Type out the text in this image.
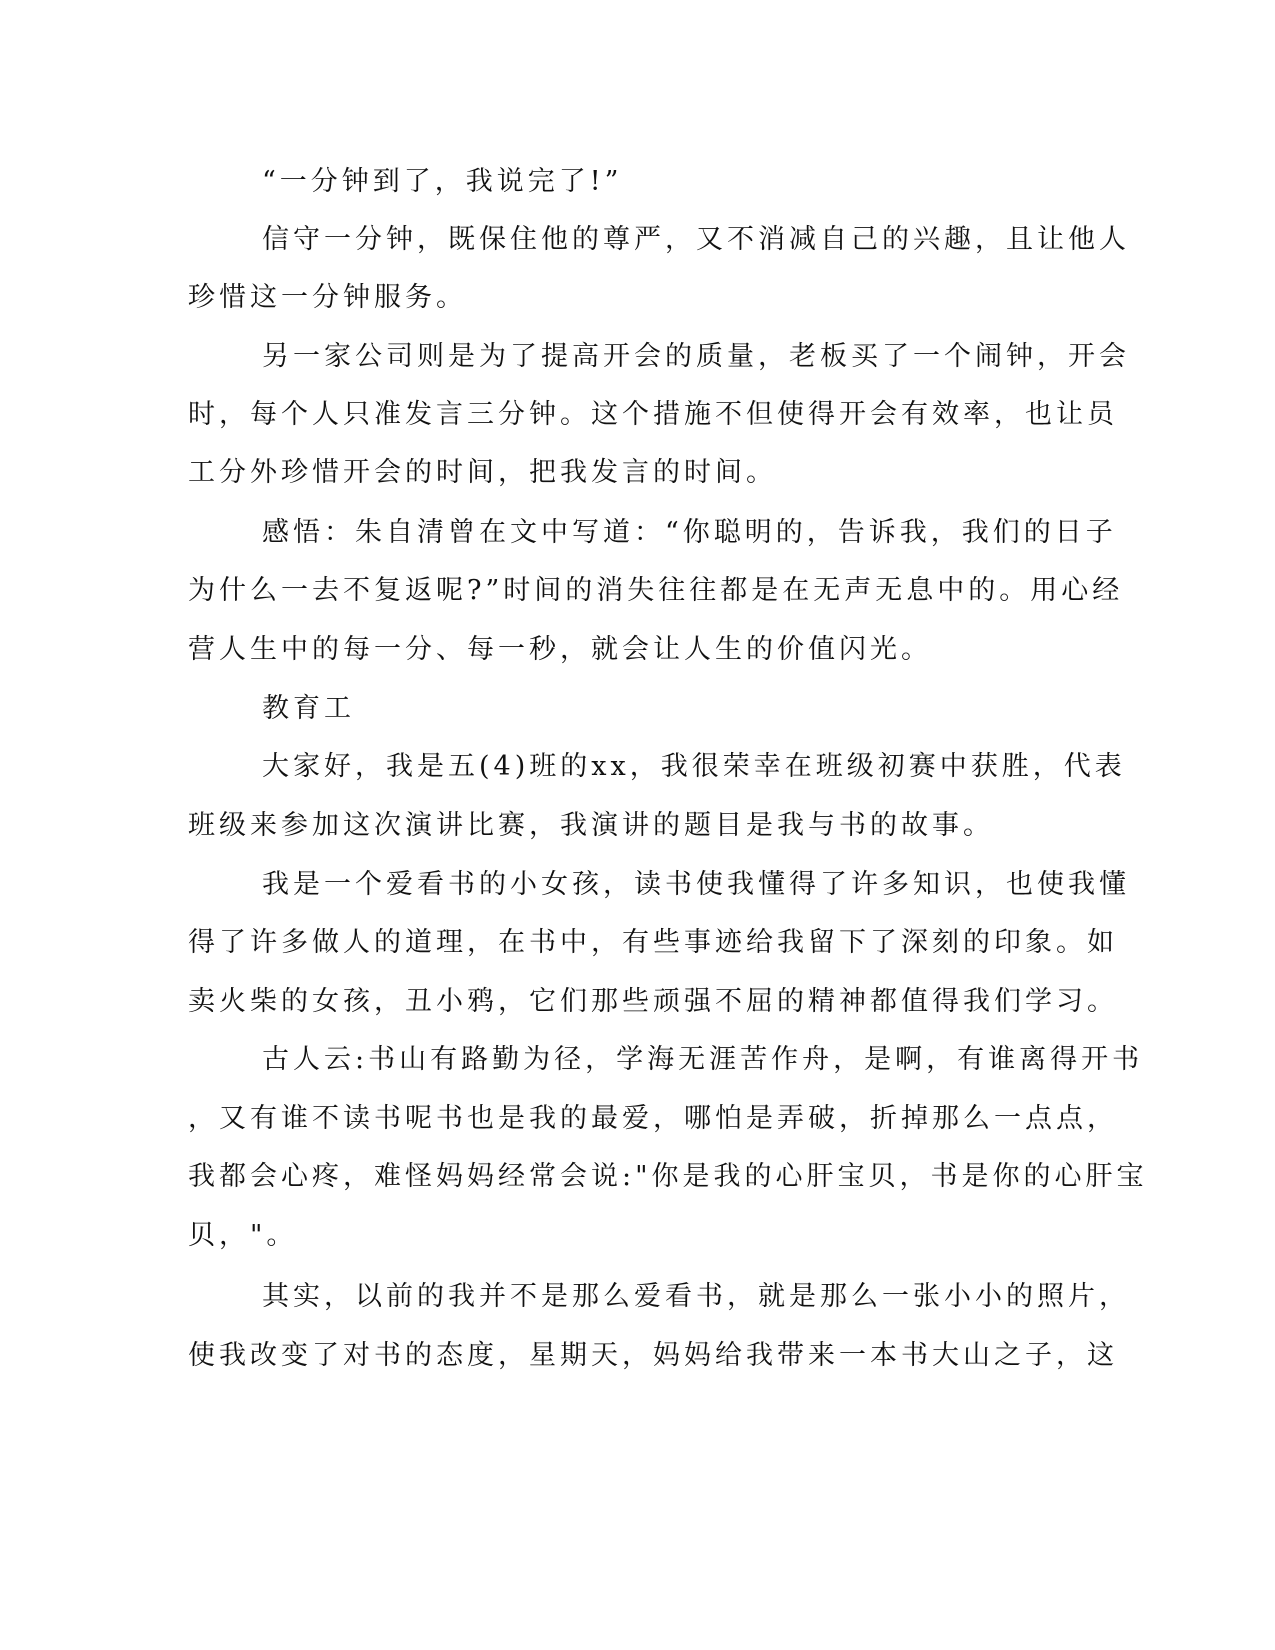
“一分钟到了，我说完了!”
信守一分钟，既保住他的尊严，又不消减自己的兴趣，且让他人
珍惜这一分钟服务。
另一家公司则是为了提高开会的质量，老板买了一个闹钟，开会
时，每个人只准发言三分钟。这个措施不但使得开会有效率，也让员
工分外珍惜开会的时间，把我发言的时间。
感悟：朱自清曾在文中写道：“你聪明的，告诉我，我们的日子
为什么一去不复返呢?”时间的消失往往都是在无声无息中的。用心经
营人生中的每一分、每一秒，就会让人生的价值闪光。
教育工
大家好，我是五(4)班的xx，我很荣幸在班级初赛中获胜，代表
班级来参加这次演讲比赛，我演讲的题目是我与书的故事。
我是一个爱看书的小女孩，读书使我懂得了许多知识，也使我懂
得了许多做人的道理，在书中，有些事迹给我留下了深刻的印象。如
卖火柴的女孩，丑小鸦，它们那些顽强不屈的精神都值得我们学习。
古人云:书山有路勤为径，学海无涯苦作舟，是啊，有谁离得开书
，又有谁不读书呢书也是我的最爱，哪怕是弄破，折掉那么一点点，
我都会心疼，难怪妈妈经常会说:"你是我的心肝宝贝，书是你的心肝宝
贝，"。
其实，以前的我并不是那么爱看书，就是那么一张小小的照片，
使我改变了对书的态度，星期天，妈妈给我带来一本书大山之子，这
